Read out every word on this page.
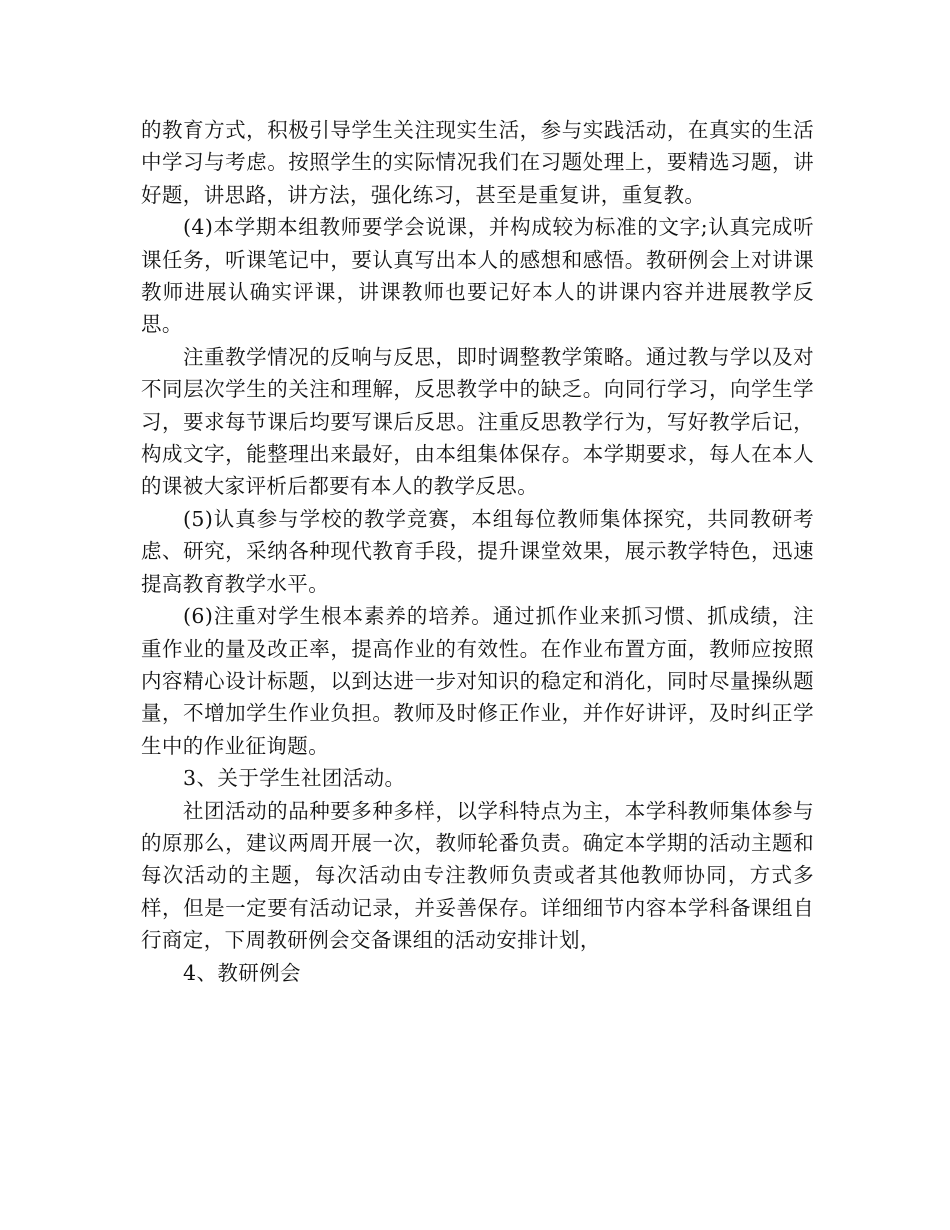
的教育方式，积极引导学生关注现实生活，参与实践活动，在真实的生活中学习与考虑。按照学生的实际情况我们在习题处理上，要精选习题，讲好题，讲思路，讲方法，强化练习，甚至是重复讲，重复教。

(4)本学期本组教师要学会说课，并构成较为标准的文字;认真完成听课任务，听课笔记中，要认真写出本人的感想和感悟。教研例会上对讲课教师进展认确实评课，讲课教师也要记好本人的讲课内容并进展教学反思。

注重教学情况的反响与反思，即时调整教学策略。通过教与学以及对不同层次学生的关注和理解，反思教学中的缺乏。向同行学习，向学生学习，要求每节课后均要写课后反思。注重反思教学行为，写好教学后记，构成文字，能整理出来最好，由本组集体保存。本学期要求，每人在本人的课被大家评析后都要有本人的教学反思。

(5)认真参与学校的教学竞赛，本组每位教师集体探究，共同教研考虑、研究，采纳各种现代教育手段，提升课堂效果，展示教学特色，迅速提高教育教学水平。

(6)注重对学生根本素养的培养。通过抓作业来抓习惯、抓成绩，注重作业的量及改正率，提高作业的有效性。在作业布置方面，教师应按照内容精心设计标题，以到达进一步对知识的稳定和消化，同时尽量操纵题量，不增加学生作业负担。教师及时修正作业，并作好讲评，及时纠正学生中的作业征询题。

3、关于学生社团活动。

社团活动的品种要多种多样，以学科特点为主，本学科教师集体参与的原那么，建议两周开展一次，教师轮番负责。确定本学期的活动主题和每次活动的主题，每次活动由专注教师负责或者其他教师协同，方式多样，但是一定要有活动记录，并妥善保存。详细细节内容本学科备课组自行商定，下周教研例会交备课组的活动安排计划，

4、教研例会
